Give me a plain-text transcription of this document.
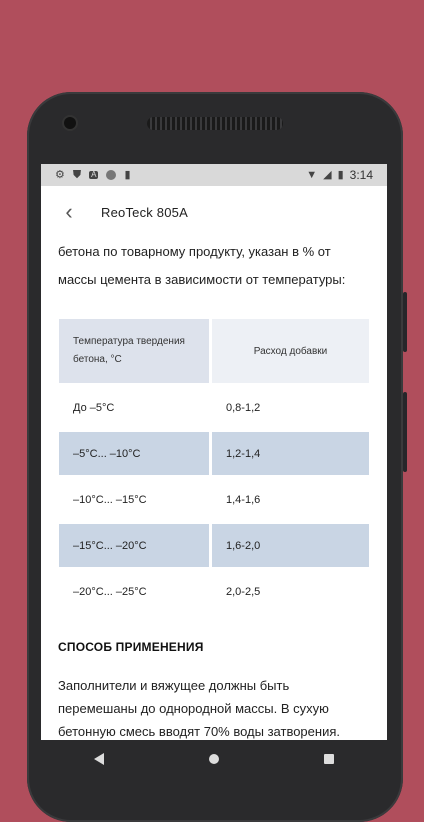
⚙ ⛊ A	▮	▼ ◢ ▮ 3:14
‹	ReoTeck 805A

бетона по товарному продукту, указан в % от массы цемента в зависимости от температуры:

Температура твердения бетона, °С	Расход добавки
До –5°С	0,8-1,2
–5°С... –10°С	1,2-1,4
–10°С... –15°С	1,4-1,6
–15°С... –20°С	1,6-2,0
–20°С... –25°С	2,0-2,5
СПОСОБ ПРИМЕНЕНИЯ
Заполнители и вяжущее должны быть перемешаны до однородной массы. В сухую бетонную смесь вводят 70% воды затворения.
